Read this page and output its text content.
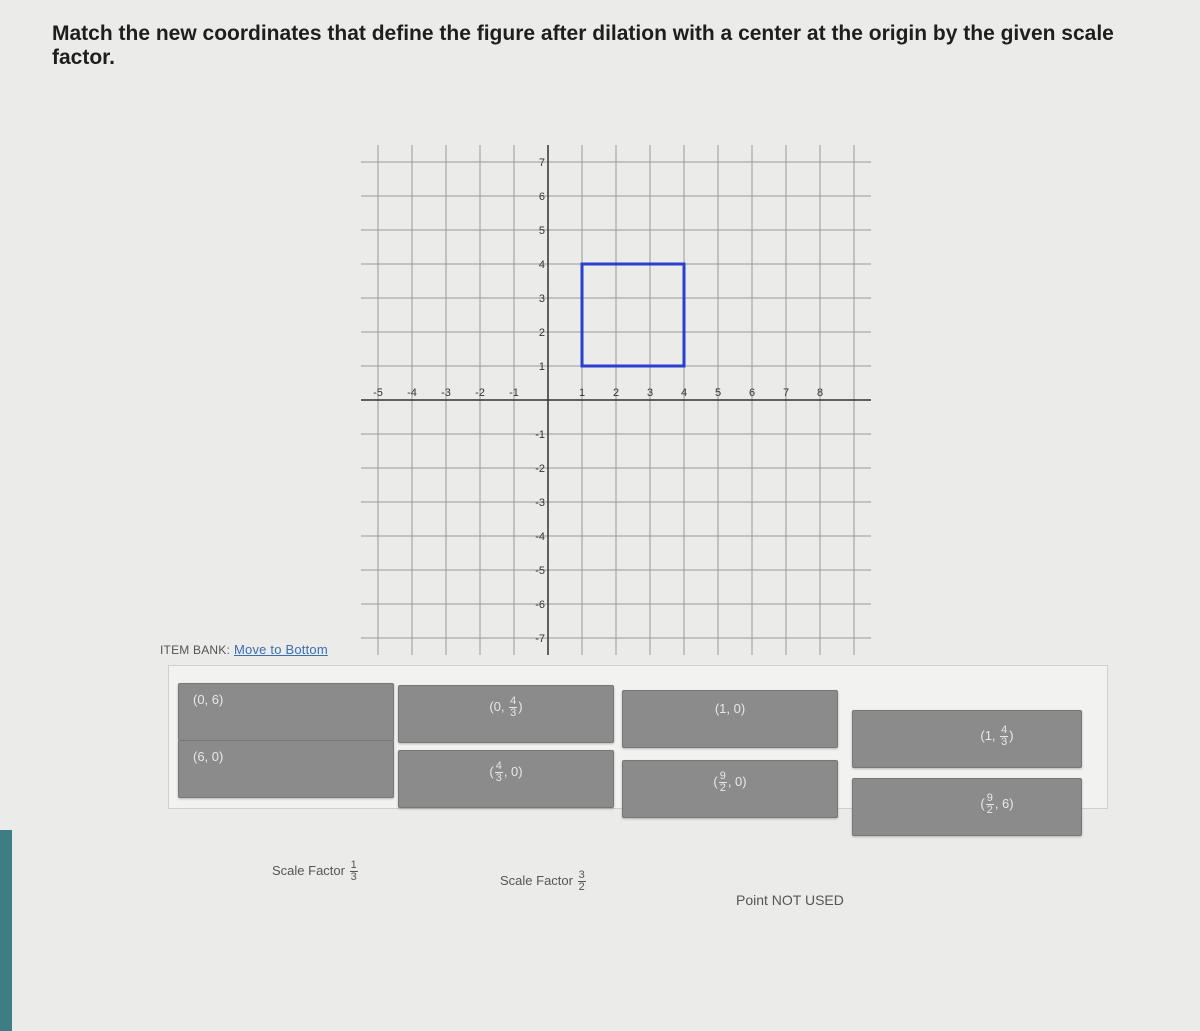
Match the new coordinates that define the figure after dilation with a center at the origin by the given scale factor.
-5 -4 -3 -2 -1	1	2	3	4	5	6	7	8
7
6
5
4
3
2
1
-1
-2
-3
-4
-5
-6
-7
ITEM BANK: Move to Bottom
(0, 6)	(0, $\frac{4}{3}$ )	(1, 0)
(1, $\frac{4}{3}$ )
(6, 0)
( $\frac{4}{3}$ , 0)
( $\frac{9}{2}$ , 0)
( $\frac{9}{2}$ , 6)
Scale Factor $\frac{1}{3}$	Scale Factor $\frac{3}{2}$
Point NOT USED
